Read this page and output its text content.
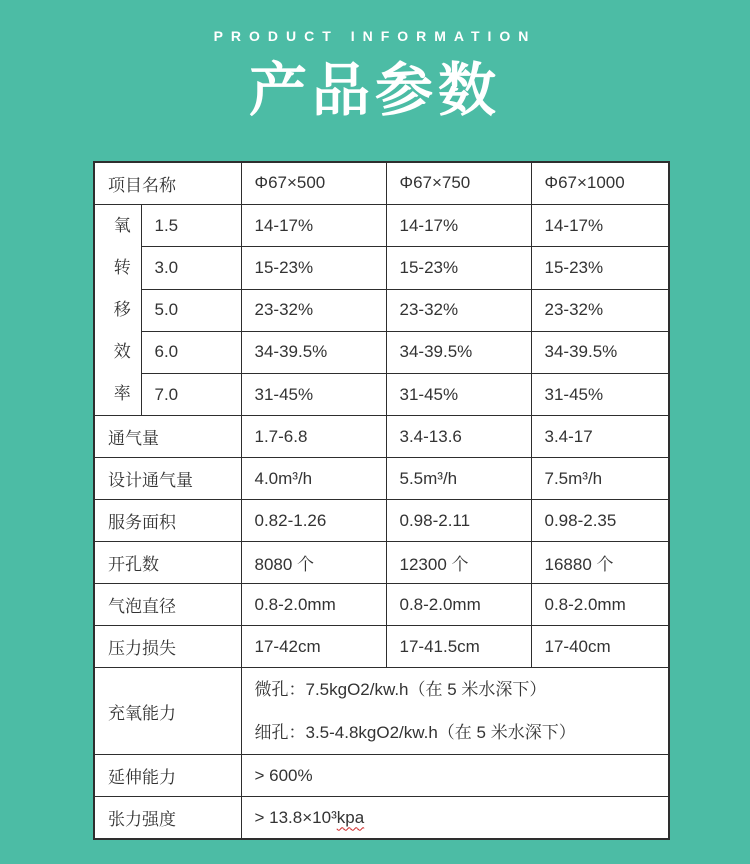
PRODUCT INFORMATION
产品参数
项目名称		Φ67×500	Φ67×750	Φ67×1000

氧
转
移
效
率	1.5	14-17%	14-17%	14-17%
	3.0	15-23%	15-23%	15-23%
	5.0	23-32%	23-32%	23-32%
	6.0	34-39.5%	34-39.5%	34-39.5%
	7.0	31-45%	31-45%	31-45%
通气量		1.7-6.8	3.4-13.6	3.4-17
设计通气量		4.0m³/h	5.5m³/h	7.5m³/h
服务面积		0.82-1.26	0.98-2.11	0.98-2.35
开孔数		8080 个	12300 个	16880 个
气泡直径		0.8-2.0mm	0.8-2.0mm	0.8-2.0mm
压力损失		17-42cm	17-41.5cm	17-40cm
充氧能力		微孔：7.5kgO2/kw.h（在 5 米水深下）
细孔：3.5-4.8kgO2/kw.h（在 5 米水深下）		

延伸能力		> 600%		
张力强度		> 13.8×10³kpa		
